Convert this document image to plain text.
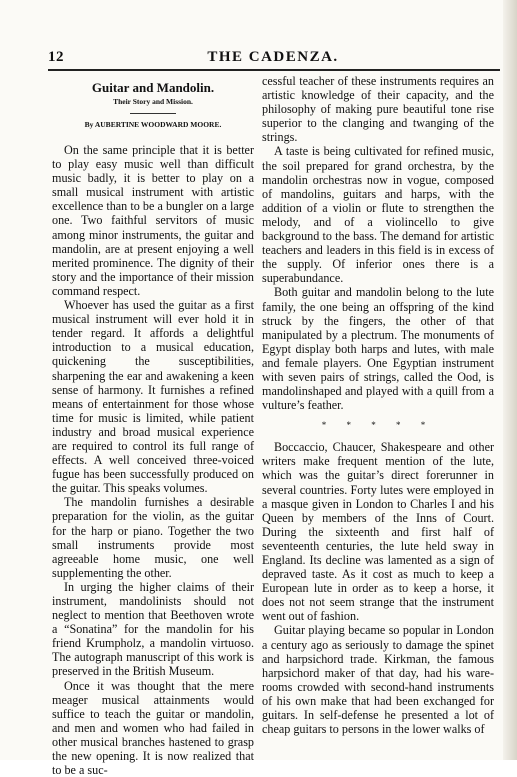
12	THE CADENZA.
Guitar and Mandolin.
Their Story and Mission.
By AUBERTINE WOODWARD MOORE.

On the same principle that it is better to play easy music well than difficult music badly, it is better to play on a small musical instrument with artistic excellence than to be a bungler on a large one. Two faithful servitors of music among minor instruments, the guitar and mandolin, are at present enjoying a well merited prominence. The dignity of their story and the importance of their mission command respect.

Whoever has used the guitar as a first musical instrument will ever hold it in tender regard. It affords a delightful introduction to a musical education, quickening the susceptibilities, sharpening the ear and awakening a keen sense of harmony. It furnishes a refined means of entertainment for those whose time for music is limited, while patient industry and broad musical experience are required to control its full range of effects. A well conceived three-voiced fugue has been successfully produced on the guitar. This speaks volumes.

The mandolin furnishes a desirable preparation for the violin, as the guitar for the harp or piano. Together the two small instruments provide most agreeable home music, one well supplementing the other.

In urging the higher claims of their instrument, mandolinists should not neglect to mention that Beethoven wrote a “Sonatina” for the mandolin for his friend Krumpholz, a mandolin virtuoso. The autograph manuscript of this work is preserved in the British Museum.

Once it was thought that the mere meager musical attainments would suffice to teach the guitar or mandolin, and men and women who had failed in other musical branches hastened to grasp the new opening. It is now realized that to be a suc-

cessful teacher of these instruments requires an artistic knowledge of their capacity, and the philosophy of making pure beautiful tone rise superior to the clanging and twanging of the strings.

A taste is being cultivated for refined music, the soil prepared for grand orchestra, by the mandolin orchestras now in vogue, composed of mandolins, guitars and harps, with the addition of a violin or flute to strengthen the melody, and of a violincello to give background to the bass. The demand for artistic teachers and leaders in this field is in excess of the supply. Of inferior ones there is a superabundance.

Both guitar and mandolin belong to the lute family, the one being an offspring of the kind struck by the fingers, the other of that manipulated by a plectrum. The monuments of Egypt display both harps and lutes, with male and female players. One Egyptian instrument with seven pairs of strings, called the Ood, is mandolinshaped and played with a quill from a vulture’s feather.

* * * * *

Boccaccio, Chaucer, Shakespeare and other writers make frequent mention of the lute, which was the guitar’s direct forerunner in several countries. Forty lutes were employed in a masque given in London to Charles I and his Queen by members of the Inns of Court. During the sixteenth and first half of seventeenth centuries, the lute held sway in England. Its decline was lamented as a sign of depraved taste. As it cost as much to keep a European lute in order as to keep a horse, it does not not seem strange that the instrument went out of fashion.

Guitar playing became so popular in London a century ago as seriously to damage the spinet and harpsichord trade. Kirkman, the famous harpsichord maker of that day, had his ware-rooms crowded with second-hand instruments of his own make that had been exchanged for guitars. In self-defense he presented a lot of cheap guitars to persons in the lower walks of
